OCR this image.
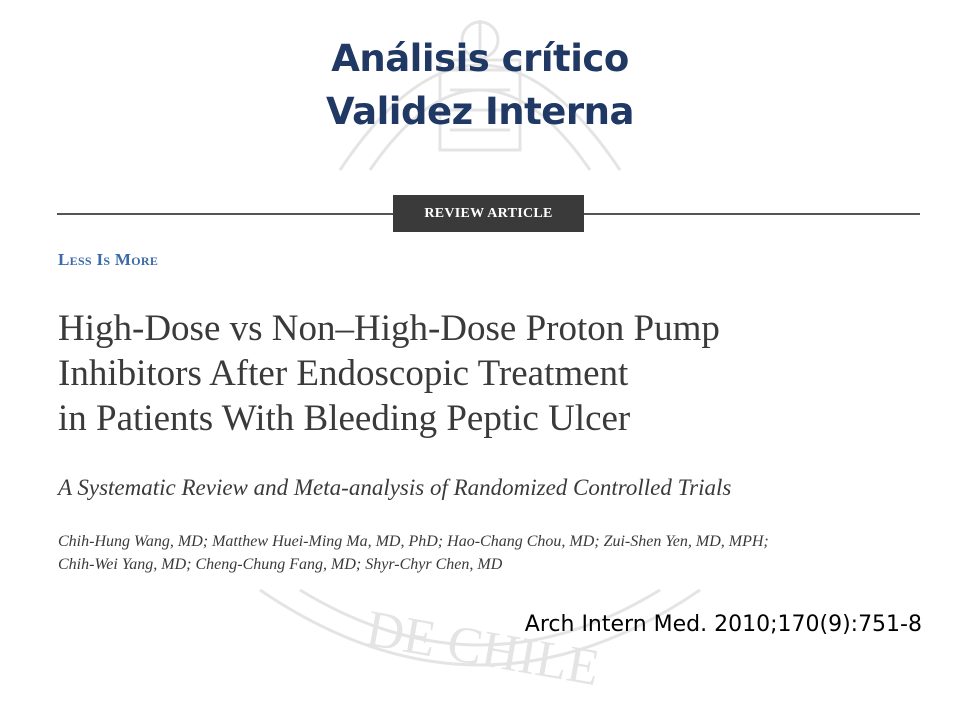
DE CHILE
Análisis crítico
Validez Interna
REVIEW ARTICLE
Less Is More
High-Dose vs Non–High-Dose Proton Pump
Inhibitors After Endoscopic Treatment
in Patients With Bleeding Peptic Ulcer
A Systematic Review and Meta-analysis of Randomized Controlled Trials
Chih-Hung Wang, MD; Matthew Huei-Ming Ma, MD, PhD; Hao-Chang Chou, MD; Zui-Shen Yen, MD, MPH;
Chih-Wei Yang, MD; Cheng-Chung Fang, MD; Shyr-Chyr Chen, MD
Arch Intern Med. 2010;170(9):751-8
